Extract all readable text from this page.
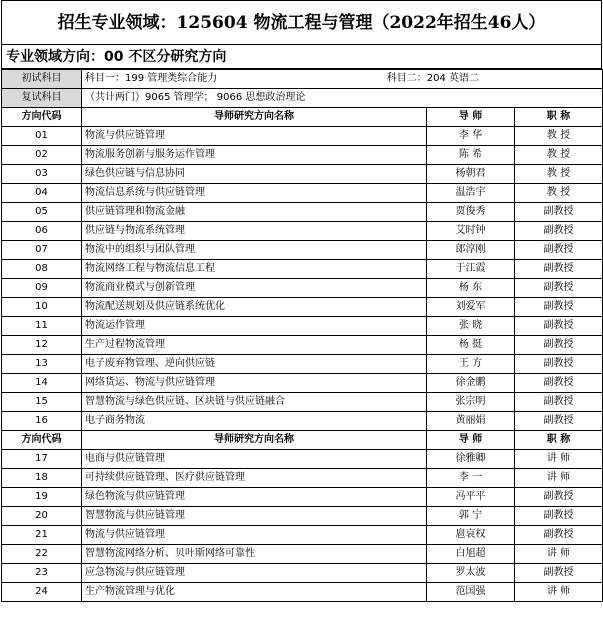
招生专业领域：125604 物流工程与管理（2022年招生46人）
专业领域方向：00 不区分研究方向
初试科目	科目一：199 管理类综合能力 科目二：204 英语二		

复试科目	（共计两门）9065 管理学； 9066 思想政治理论		
方向代码	导师研究方向名称	导 师	职 称
01	物流与供应链管理	李 华	教 授
02	物流服务创新与服务运作管理	陈 希	教 授
03	绿色供应链与信息协同	杨朝君	教 授
04	物流信息系统与供应链管理	温浩宇	教 授
05	供应链管理和物流金融	贾俊秀	副教授
06	供应链与物流系统管理	艾时钟	副教授
07	物流中的组织与团队管理	郎淳刚	副教授
08	物流网络工程与物流信息工程	于江霞	副教授
09	物流商业模式与创新管理	杨 东	副教授
10	物流配送规划及供应链系统优化	刘爱军	副教授
11	物流运作管理	张 晓	副教授
12	生产过程物流管理	杨 挺	副教授
13	电子废弃物管理、逆向供应链	王 方	副教授
14	网络货运、物流与供应链管理	徐金鹏	副教授
15	智慧物流与绿色供应链、区块链与供应链融合	张宗明	副教授
16	电子商务物流	黄丽娟	副教授
方向代码	导师研究方向名称	导 师	职 称
17	电商与供应链管理	徐雅卿	讲 师
18	可持续供应链管理、医疗供应链管理	李 一	讲 师
19	绿色物流与供应链管理	冯平平	副教授
20	智慧物流与供应链管理	郭 宁	副教授
21	物流与供应链管理	扈哀权	副教授
22	智慧物流网络分析、贝叶斯网络可靠性	白旭超	讲 师
23	应急物流与供应链管理	罗太波	副教授
24	生产物流管理与优化	范国强	讲 师
